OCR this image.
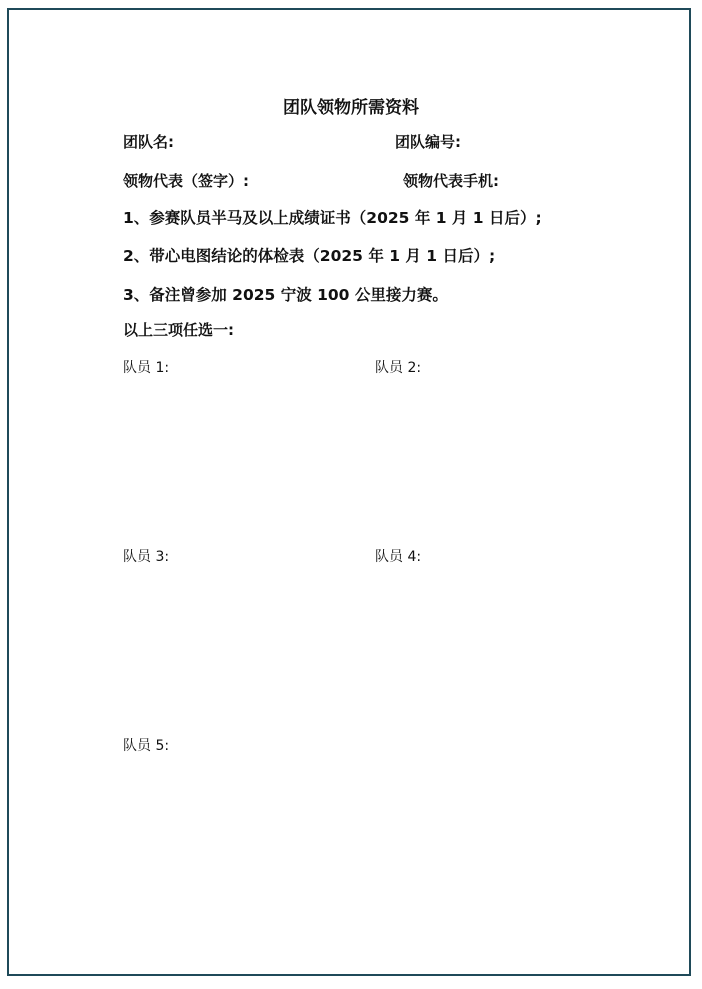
团队领物所需资料
团队名:	团队编号:
领物代表（签字）:	领物代表手机:
1、参赛队员半马及以上成绩证书（2025 年 1 月 1 日后）;
2、带心电图结论的体检表（2025 年 1 月 1 日后）;
3、备注曾参加 2025 宁波 100 公里接力赛。
以上三项任选一:
队员 1:	队员 2:
队员 3:	队员 4:
队员 5:
